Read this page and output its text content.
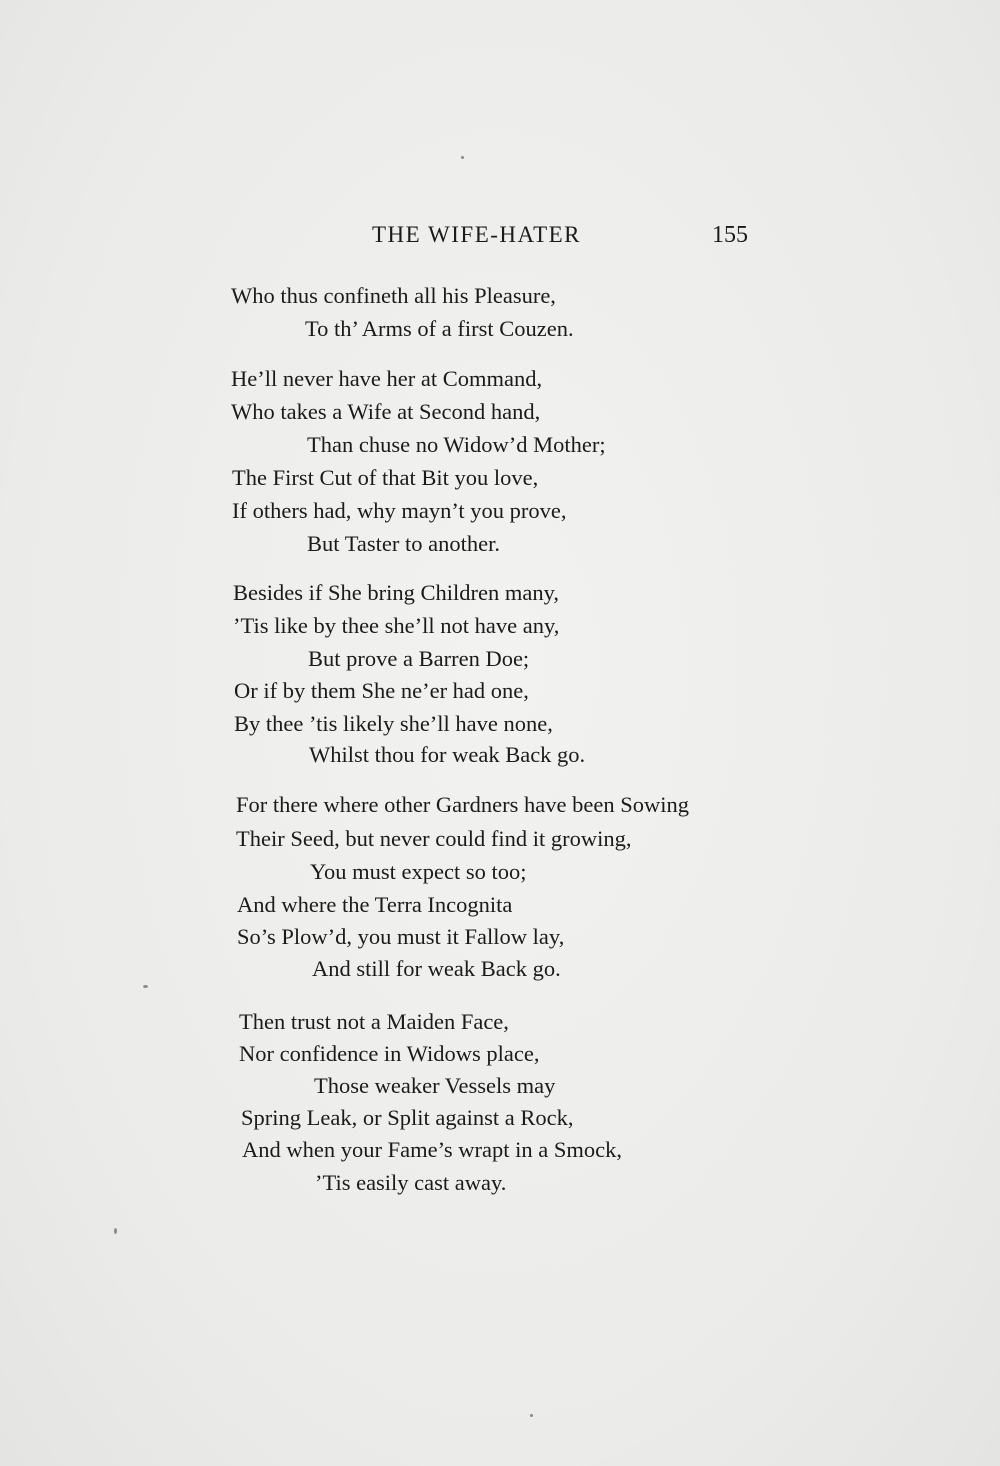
THE WIFE-HATER	155
Who thus confineth all his Pleasure,
To th’ Arms of a first Couzen.
He’ll never have her at Command,
Who takes a Wife at Second hand,
Than chuse no Widow’d Mother;
The First Cut of that Bit you love,
If others had, why mayn’t you prove,
But Taster to another.
Besides if She bring Children many,
’Tis like by thee she’ll not have any,
But prove a Barren Doe;
Or if by them She ne’er had one,
By thee ’tis likely she’ll have none,
Whilst thou for weak Back go.
For there where other Gardners have been Sowing
Their Seed, but never could find it growing,
You must expect so too;
And where the Terra Incognita
So’s Plow’d, you must it Fallow lay,
And still for weak Back go.
Then trust not a Maiden Face,
Nor confidence in Widows place,
Those weaker Vessels may
Spring Leak, or Split against a Rock,
And when your Fame’s wrapt in a Smock,
’Tis easily cast away.
